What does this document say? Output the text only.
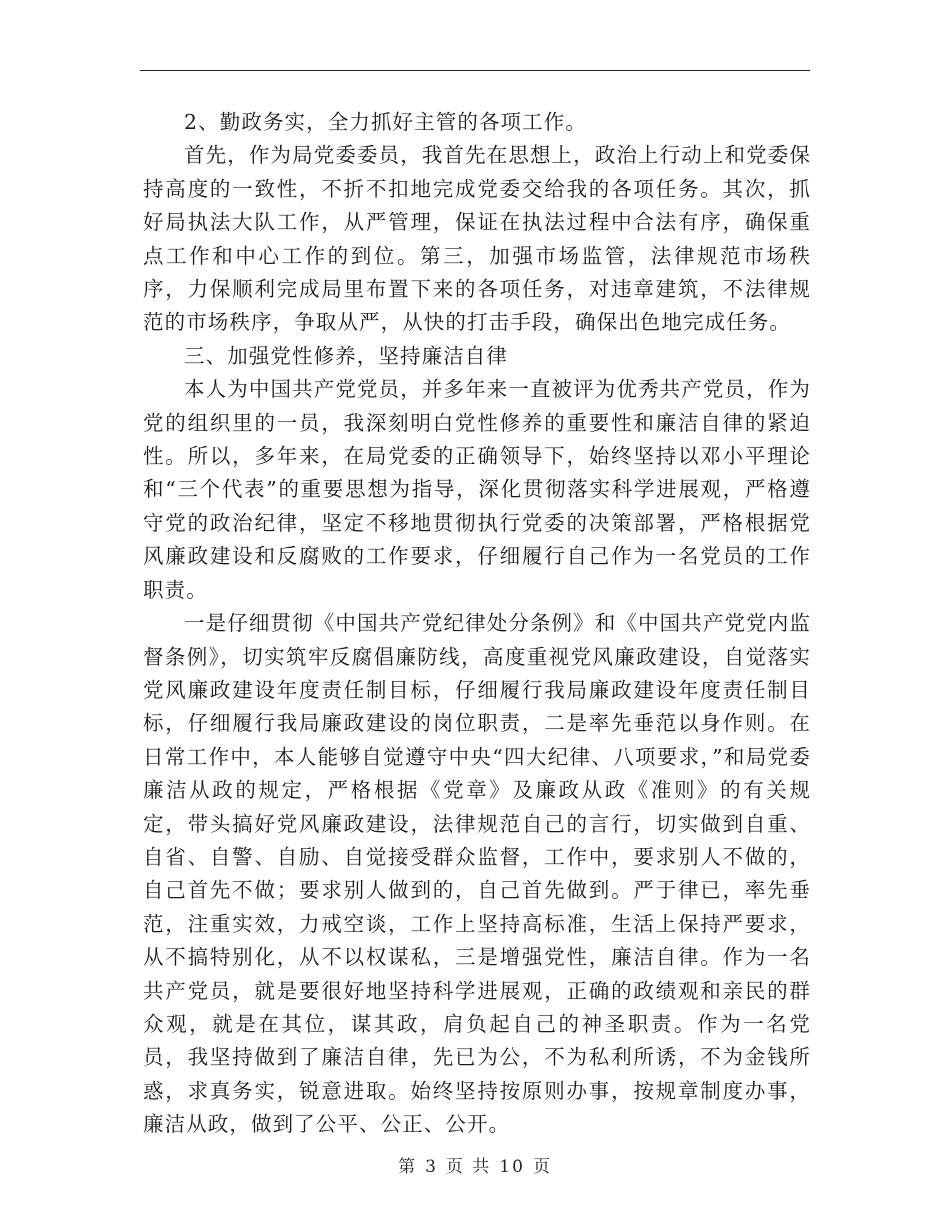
2、勤政务实，全力抓好主管的各项工作。

首先，作为局党委委员，我首先在思想上，政治上行动上和党委保持高度的一致性，不折不扣地完成党委交给我的各项任务。其次，抓好局执法大队工作，从严管理，保证在执法过程中合法有序，确保重点工作和中心工作的到位。第三，加强市场监管，法律规范市场秩序，力保顺利完成局里布置下来的各项任务，对违章建筑，不法律规范的市场秩序，争取从严，从快的打击手段，确保出色地完成任务。

三、加强党性修养，坚持廉洁自律

本人为中国共产党党员，并多年来一直被评为优秀共产党员，作为党的组织里的一员，我深刻明白党性修养的重要性和廉洁自律的紧迫性。所以，多年来，在局党委的正确领导下，始终坚持以邓小平理论和“三个代表”的重要思想为指导，深化贯彻落实科学进展观，严格遵守党的政治纪律，坚定不移地贯彻执行党委的决策部署，严格根据党风廉政建设和反腐败的工作要求，仔细履行自己作为一名党员的工作职责。

一是仔细贯彻《中国共产党纪律处分条例》和《中国共产党党内监督条例》，切实筑牢反腐倡廉防线，高度重视党风廉政建设，自觉落实党风廉政建设年度责任制目标，仔细履行我局廉政建设年度责任制目标，仔细履行我局廉政建设的岗位职责，二是率先垂范以身作则。在日常工作中，本人能够自觉遵守中央“四大纪律、八项要求，”和局党委廉洁从政的规定，严格根据《党章》及廉政从政《准则》的有关规定，带头搞好党风廉政建设，法律规范自己的言行，切实做到自重、自省、自警、自励、自觉接受群众监督，工作中，要求别人不做的，自己首先不做；要求别人做到的，自己首先做到。严于律已，率先垂范，注重实效，力戒空谈，工作上坚持高标准，生活上保持严要求，从不搞特别化，从不以权谋私，三是增强党性，廉洁自律。作为一名共产党员，就是要很好地坚持科学进展观，正确的政绩观和亲民的群众观，就是在其位，谋其政，肩负起自己的神圣职责。作为一名党员，我坚持做到了廉洁自律，先已为公，不为私利所诱，不为金钱所惑，求真务实，锐意进取。始终坚持按原则办事，按规章制度办事，廉洁从政，做到了公平、公正、公开。

第 3 页 共 10 页
